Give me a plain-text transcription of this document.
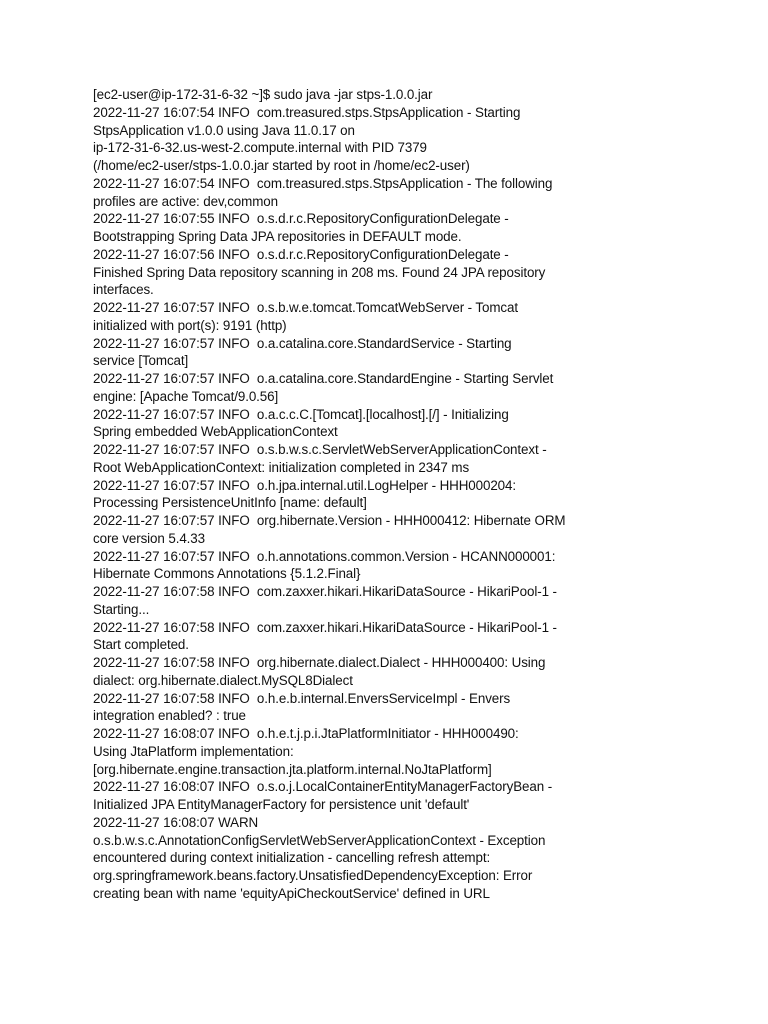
[ec2-user@ip-172-31-6-32 ~]$ sudo java -jar stps-1.0.0.jar

2022-11-27 16:07:54 INFO  com.treasured.stps.StpsApplication - Starting

StpsApplication v1.0.0 using Java 11.0.17 on

ip-172-31-6-32.us-west-2.compute.internal with PID 7379

(/home/ec2-user/stps-1.0.0.jar started by root in /home/ec2-user)

2022-11-27 16:07:54 INFO  com.treasured.stps.StpsApplication - The following

profiles are active: dev,common

2022-11-27 16:07:55 INFO  o.s.d.r.c.RepositoryConfigurationDelegate -

Bootstrapping Spring Data JPA repositories in DEFAULT mode.

2022-11-27 16:07:56 INFO  o.s.d.r.c.RepositoryConfigurationDelegate -

Finished Spring Data repository scanning in 208 ms. Found 24 JPA repository

interfaces.

2022-11-27 16:07:57 INFO  o.s.b.w.e.tomcat.TomcatWebServer - Tomcat

initialized with port(s): 9191 (http)

2022-11-27 16:07:57 INFO  o.a.catalina.core.StandardService - Starting

service [Tomcat]

2022-11-27 16:07:57 INFO  o.a.catalina.core.StandardEngine - Starting Servlet

engine: [Apache Tomcat/9.0.56]

2022-11-27 16:07:57 INFO  o.a.c.c.C.[Tomcat].[localhost].[/] - Initializing

Spring embedded WebApplicationContext

2022-11-27 16:07:57 INFO  o.s.b.w.s.c.ServletWebServerApplicationContext -

Root WebApplicationContext: initialization completed in 2347 ms

2022-11-27 16:07:57 INFO  o.h.jpa.internal.util.LogHelper - HHH000204:

Processing PersistenceUnitInfo [name: default]

2022-11-27 16:07:57 INFO  org.hibernate.Version - HHH000412: Hibernate ORM

core version 5.4.33

2022-11-27 16:07:57 INFO  o.h.annotations.common.Version - HCANN000001:

Hibernate Commons Annotations {5.1.2.Final}

2022-11-27 16:07:58 INFO  com.zaxxer.hikari.HikariDataSource - HikariPool-1 -

Starting...

2022-11-27 16:07:58 INFO  com.zaxxer.hikari.HikariDataSource - HikariPool-1 -

Start completed.

2022-11-27 16:07:58 INFO  org.hibernate.dialect.Dialect - HHH000400: Using

dialect: org.hibernate.dialect.MySQL8Dialect

2022-11-27 16:07:58 INFO  o.h.e.b.internal.EnversServiceImpl - Envers

integration enabled? : true

2022-11-27 16:08:07 INFO  o.h.e.t.j.p.i.JtaPlatformInitiator - HHH000490:

Using JtaPlatform implementation:

[org.hibernate.engine.transaction.jta.platform.internal.NoJtaPlatform]

2022-11-27 16:08:07 INFO  o.s.o.j.LocalContainerEntityManagerFactoryBean -

Initialized JPA EntityManagerFactory for persistence unit 'default'

2022-11-27 16:08:07 WARN

o.s.b.w.s.c.AnnotationConfigServletWebServerApplicationContext - Exception

encountered during context initialization - cancelling refresh attempt:

org.springframework.beans.factory.UnsatisfiedDependencyException: Error

creating bean with name 'equityApiCheckoutService' defined in URL
